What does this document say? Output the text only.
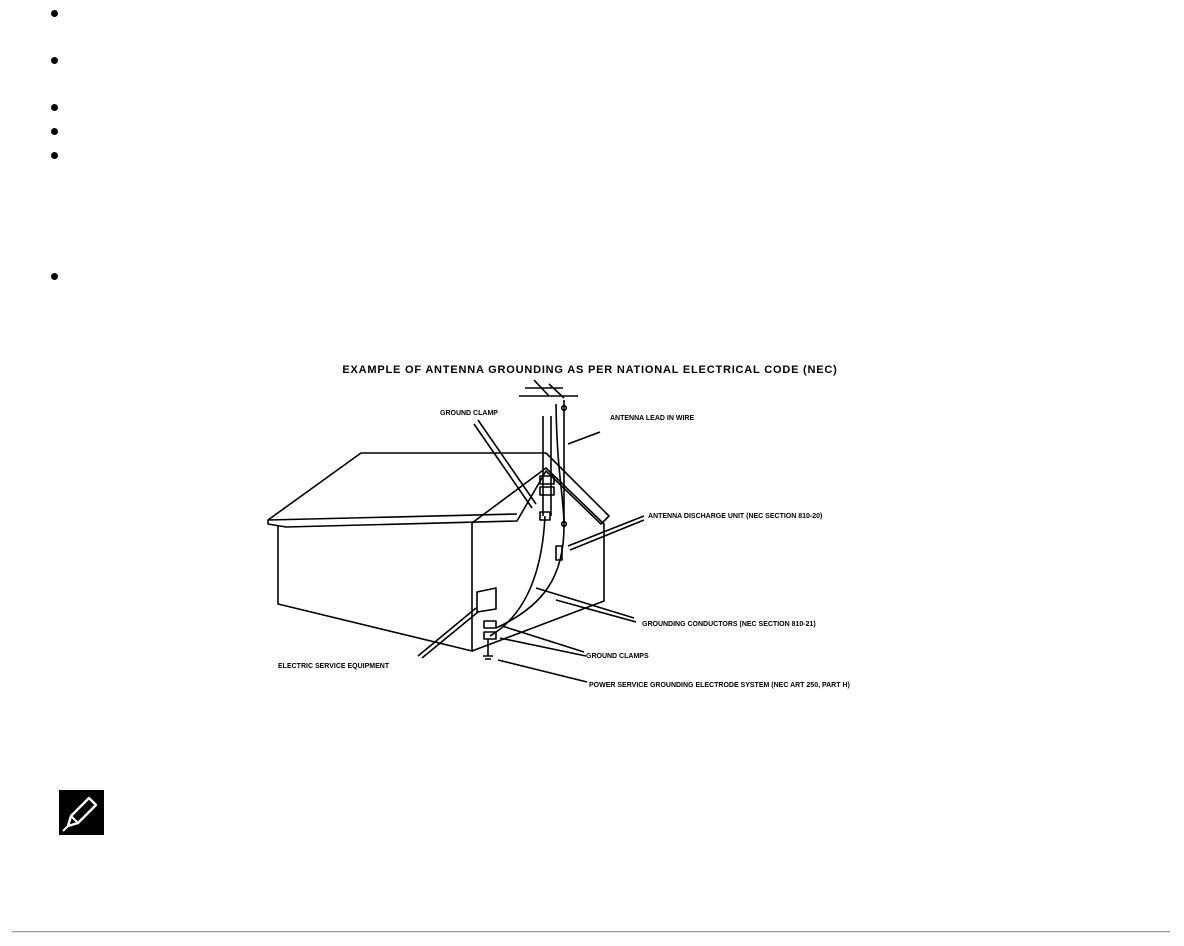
EXAMPLE OF ANTENNA GROUNDING AS PER NATIONAL ELECTRICAL CODE (NEC)
GROUND CLAMP
ANTENNA LEAD IN WIRE
ANTENNA DISCHARGE UNIT (NEC SECTION 810-20)
GROUNDING CONDUCTORS (NEC SECTION 810-21)
GROUND CLAMPS
ELECTRIC SERVICE EQUIPMENT
POWER SERVICE GROUNDING ELECTRODE SYSTEM (NEC ART 250, PART H)
